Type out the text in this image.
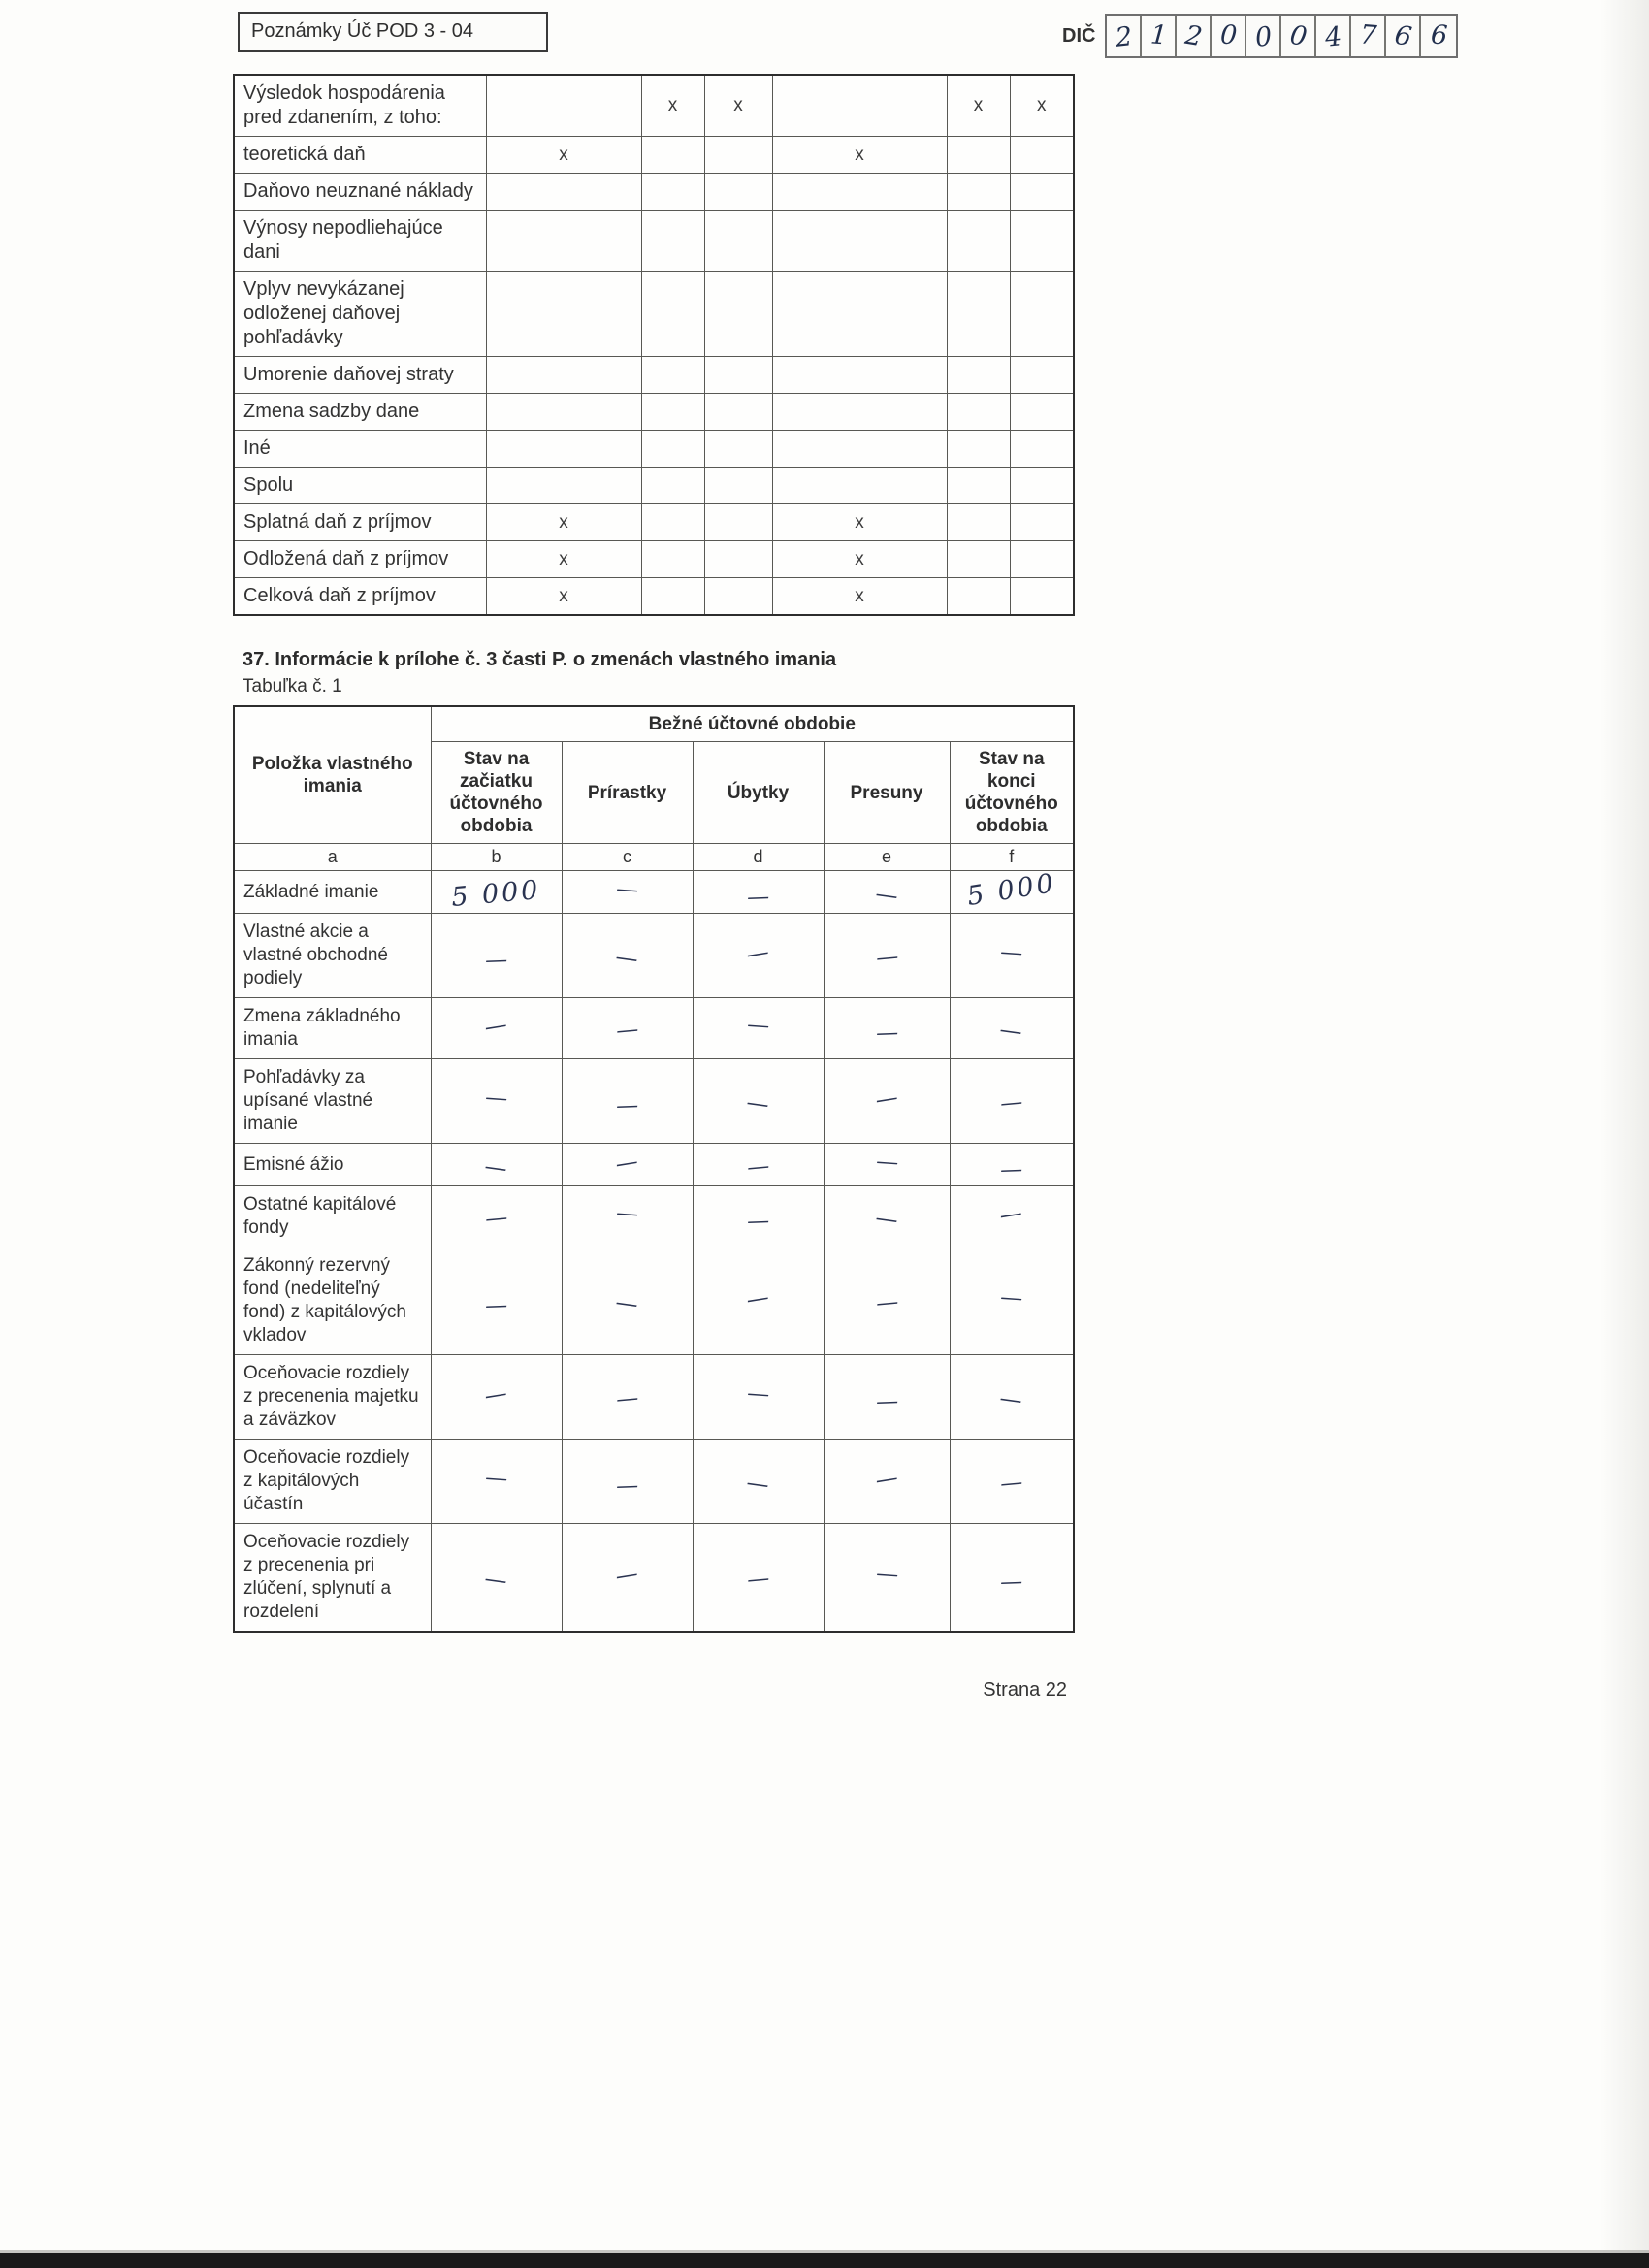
Poznámky Úč POD 3 - 04	DIČ 2 1 2 0 0 0 4 7 6 6
Výsledok hospodárenia pred zdanením, z toho:		x	x		x	x
teoretická daň	x			x		
Daňovo neuznané náklady						
Výnosy nepodliehajúce dani						
Vplyv nevykázanej odloženej daňovej pohľadávky						
Umorenie daňovej straty						
Zmena sadzby dane						
Iné						
Spolu						
Splatná daň z príjmov	x			x		
Odložená daň z príjmov	x			x		
Celková daň z príjmov	x			x		
37. Informácie k prílohe č. 3 časti P. o zmenách vlastného imania
Tabuľka č. 1
Položka vlastného imania	Bežné účtovné obdobie				
	Stav na začiatku účtovného obdobia	Prírastky	Úbytky	Presuny	Stav na konci účtovného obdobia
a	b	c	d	e	f
Základné imanie	5 000	—	—	—	5 000
Vlastné akcie a vlastné obchodné podiely	—	—	—	—	—
Zmena základného imania	—	—	—	—	—
Pohľadávky za upísané vlastné imanie	—	—	—	—	—
Emisné ážio	—	—	—	—	—
Ostatné kapitálové fondy	—	—	—	—	—
Zákonný rezervný fond (nedeliteľný fond) z kapitálových vkladov	—	—	—	—	—
Oceňovacie rozdiely z precenenia majetku a záväzkov	—	—	—	—	—
Oceňovacie rozdiely z kapitálových účastín	—	—	—	—	—
Oceňovacie rozdiely z precenenia pri zlúčení, splynutí a rozdelení	—	—	—	—	—
Strana 22
